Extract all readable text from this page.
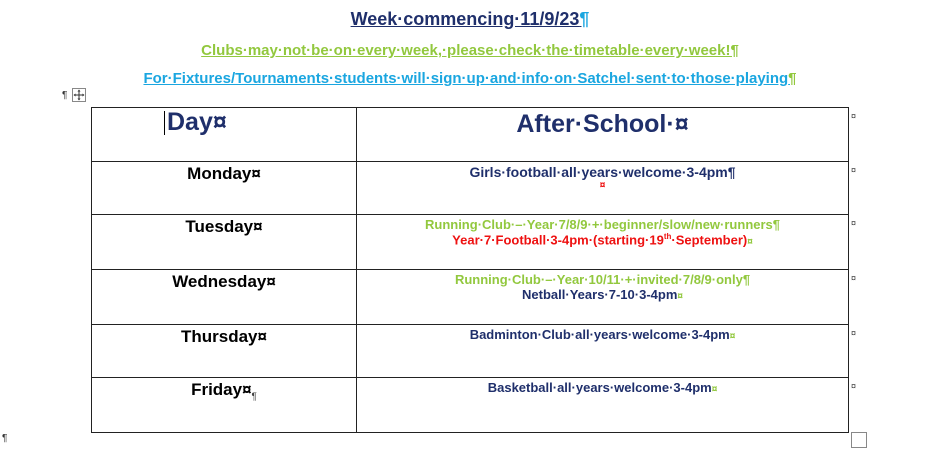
Week·commencing·11/9/23¶
Clubs·may·not·be·on·every·week,·please·check·the·timetable·every·week!¶
For·Fixtures/Tournaments·students·will·sign·up·and·info·on·Satchel·sent·to·those·playing¶
¶
Day¤	After·School·¤

Monday¤	Girls·football·all·years·welcome·3-4pm¶
¤

Tuesday¤	Running·Club·–·Year·7/8/9·+·beginner/slow/new·runners¶
Year·7·Football·3-4pm·(starting·19th·September)¤

Wednesday¤	Running·Club·–·Year·10/11·+·invited·7/8/9·only¶
Netball·Years·7-10·3-4pm¤

Thursday¤	Badminton·Club·all·years·welcome·3-4pm¤

$Friday¤_\P$	Basketball·all·years·welcome·3-4pm¤
¤
¤
¤
¤
¤
¤
¶
